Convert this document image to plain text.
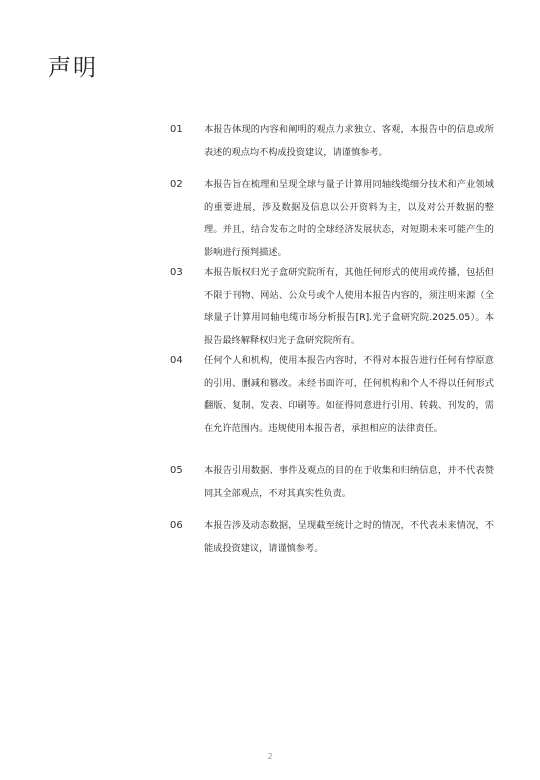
声明
01 本报告体现的内容和阐明的观点力求独立、客观，本报告中的信息或所表述的观点均不构成投资建议，请谨慎参考。
02 本报告旨在梳理和呈现全球与量子计算用同轴线缆细分技术和产业领域的重要进展，涉及数据及信息以公开资料为主，以及对公开数据的整理。并且，结合发布之时的全球经济发展状态，对短期未来可能产生的影响进行预判描述。
03 本报告版权归光子盒研究院所有，其他任何形式的使用或传播，包括但不限于刊物、网站、公众号或个人使用本报告内容的，须注明来源（全球量子计算用同轴电缆市场分析报告[R].光子盒研究院.2025.05）。本报告最终解释权归光子盒研究院所有。
04 任何个人和机构，使用本报告内容时，不得对本报告进行任何有悖原意的引用、删减和篡改。未经书面许可，任何机构和个人不得以任何形式翻版、复制、发表、印刷等。如征得同意进行引用、转载、刊发的，需在允许范围内。违规使用本报告者，承担相应的法律责任。
05 本报告引用数据、事件及观点的目的在于收集和归纳信息，并不代表赞同其全部观点，不对其真实性负责。
06 本报告涉及动态数据，呈现截至统计之时的情况，不代表未来情况，不能成投资建议，请谨慎参考。
2
